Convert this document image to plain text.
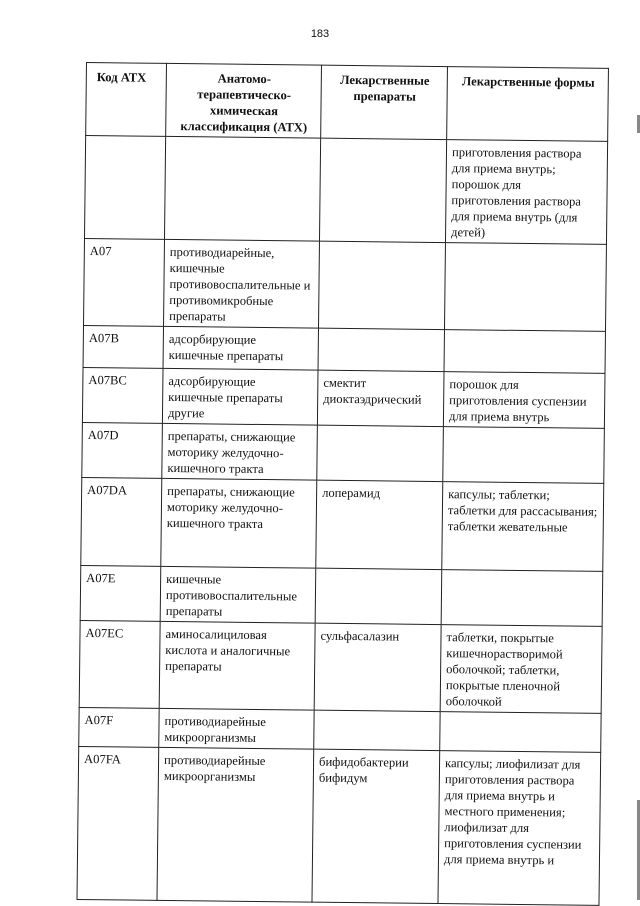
183
Код АТХ	Анатомо-терапевтическо-химическая классификация (АТХ)	Лекарственные препараты	Лекарственные формы
			приготовления раствора для приема внутрь; порошок для приготовления раствора для приема внутрь (для детей)
A07	противодиарейные, кишечные противовоспалительные и противомикробные препараты		
A07B	адсорбирующие кишечные препараты		
A07BC	адсорбирующие кишечные препараты другие	смектит диоктаэдрический	порошок для приготовления суспензии для приема внутрь
A07D	препараты, снижающие моторику желудочно-кишечного тракта		
A07DA	препараты, снижающие моторику желудочно-кишечного тракта	лоперамид	капсулы; таблетки; таблетки для рассасывания; таблетки жевательные
A07E	кишечные противовоспалительные препараты		
A07EC	аминосалициловая кислота и аналогичные препараты	сульфасалазин	таблетки, покрытые кишечнорастворимой оболочкой; таблетки, покрытые пленочной оболочкой
A07F	противодиарейные микроорганизмы		
A07FA	противодиарейные микроорганизмы	бифидобактерии бифидум	капсулы; лиофилизат для приготовления раствора для приема внутрь и местного применения; лиофилизат для приготовления суспензии для приема внутрь и
